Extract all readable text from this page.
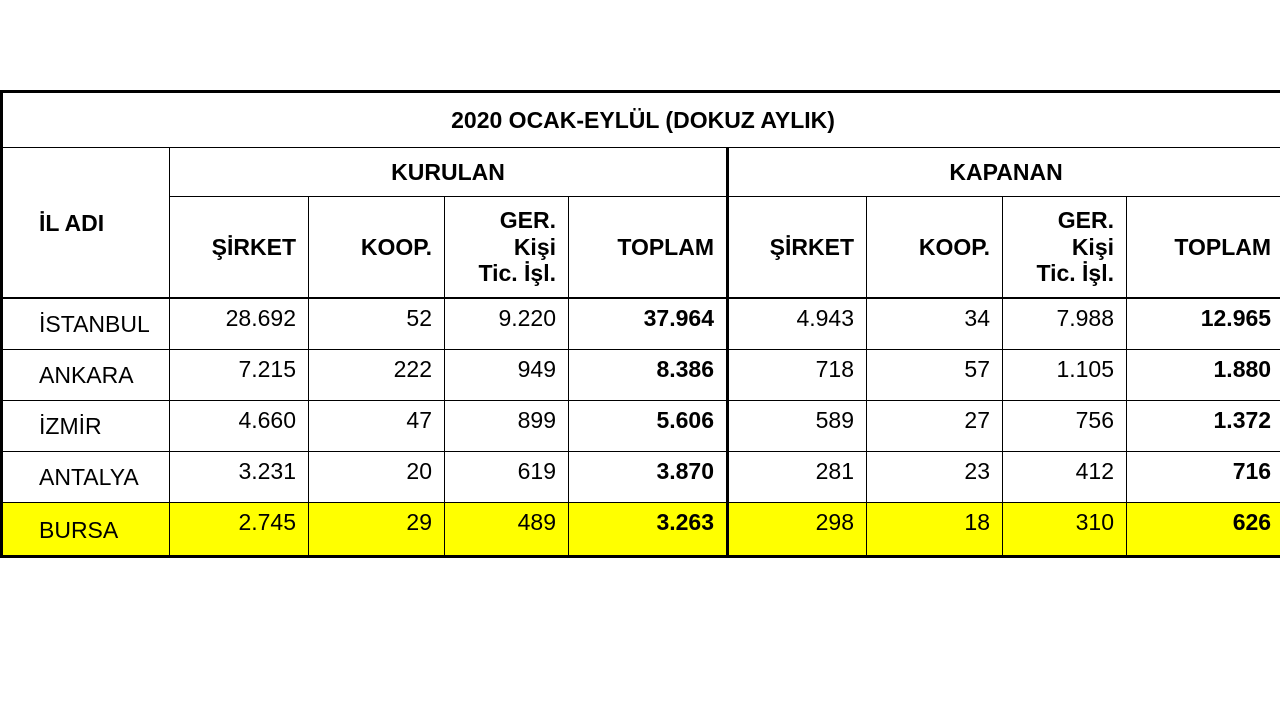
2020 OCAK-EYLÜL (DOKUZ AYLIK)								
İL ADI	KURULAN				KAPANAN			
	ŞİRKET	KOOP.	GER.
Kişi
Tic. İşl.	TOPLAM	ŞİRKET	KOOP.	GER.
Kişi
Tic. İşl.	TOPLAM
İSTANBUL	28.692	52	9.220	37.964	4.943	34	7.988	12.965
ANKARA	7.215	222	949	8.386	718	57	1.105	1.880
İZMİR	4.660	47	899	5.606	589	27	756	1.372
ANTALYA	3.231	20	619	3.870	281	23	412	716
BURSA	2.745	29	489	3.263	298	18	310	626
